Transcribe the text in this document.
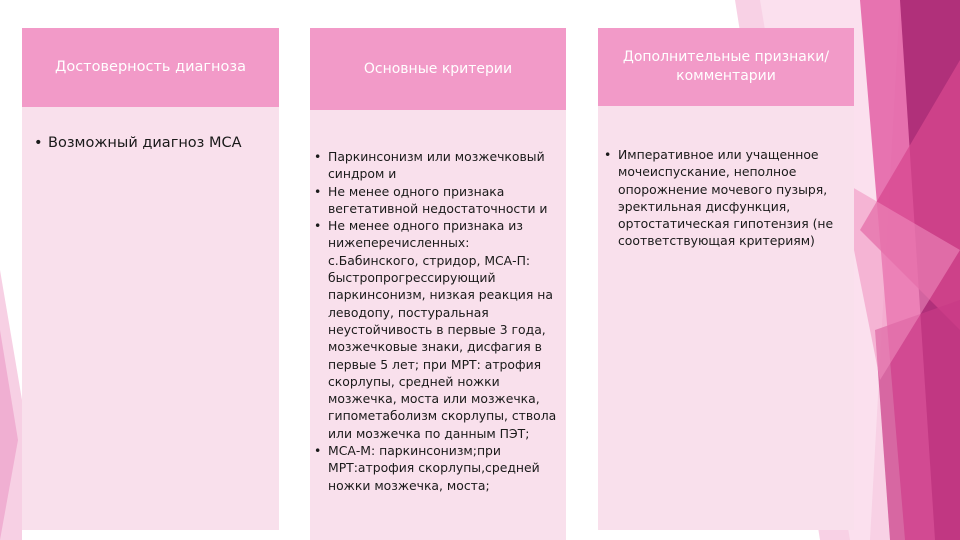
Достоверность диагноза
• Возможный диагноз МСА
Основные критерии
• Паркинсонизм или мозжечковый синдром и
• Не менее одного признака вегетативной недостаточности и
• Не менее одного признака из нижеперечисленных: с.Бабинского, стридор, МСА-П: быстропрогрессирующий паркинсонизм, низкая реакция на леводопу, постуральная неустойчивость в первые 3 года, мозжечковые знаки, дисфагия в первые 5 лет; при МРТ: атрофия скорлупы, средней ножки мозжечка, моста или мозжечка, гипометаболизм скорлупы, ствола или мозжечка по данным ПЭТ;
• МСА-М: паркинсонизм;при МРТ:атрофия скорлупы,средней ножки мозжечка, моста;
Дополнительные признаки/комментарии
• Императивное или учащенное мочеиспускание, неполное опорожнение мочевого пузыря, эректильная дисфункция, ортостатическая гипотензия (не соответствующая критериям)
